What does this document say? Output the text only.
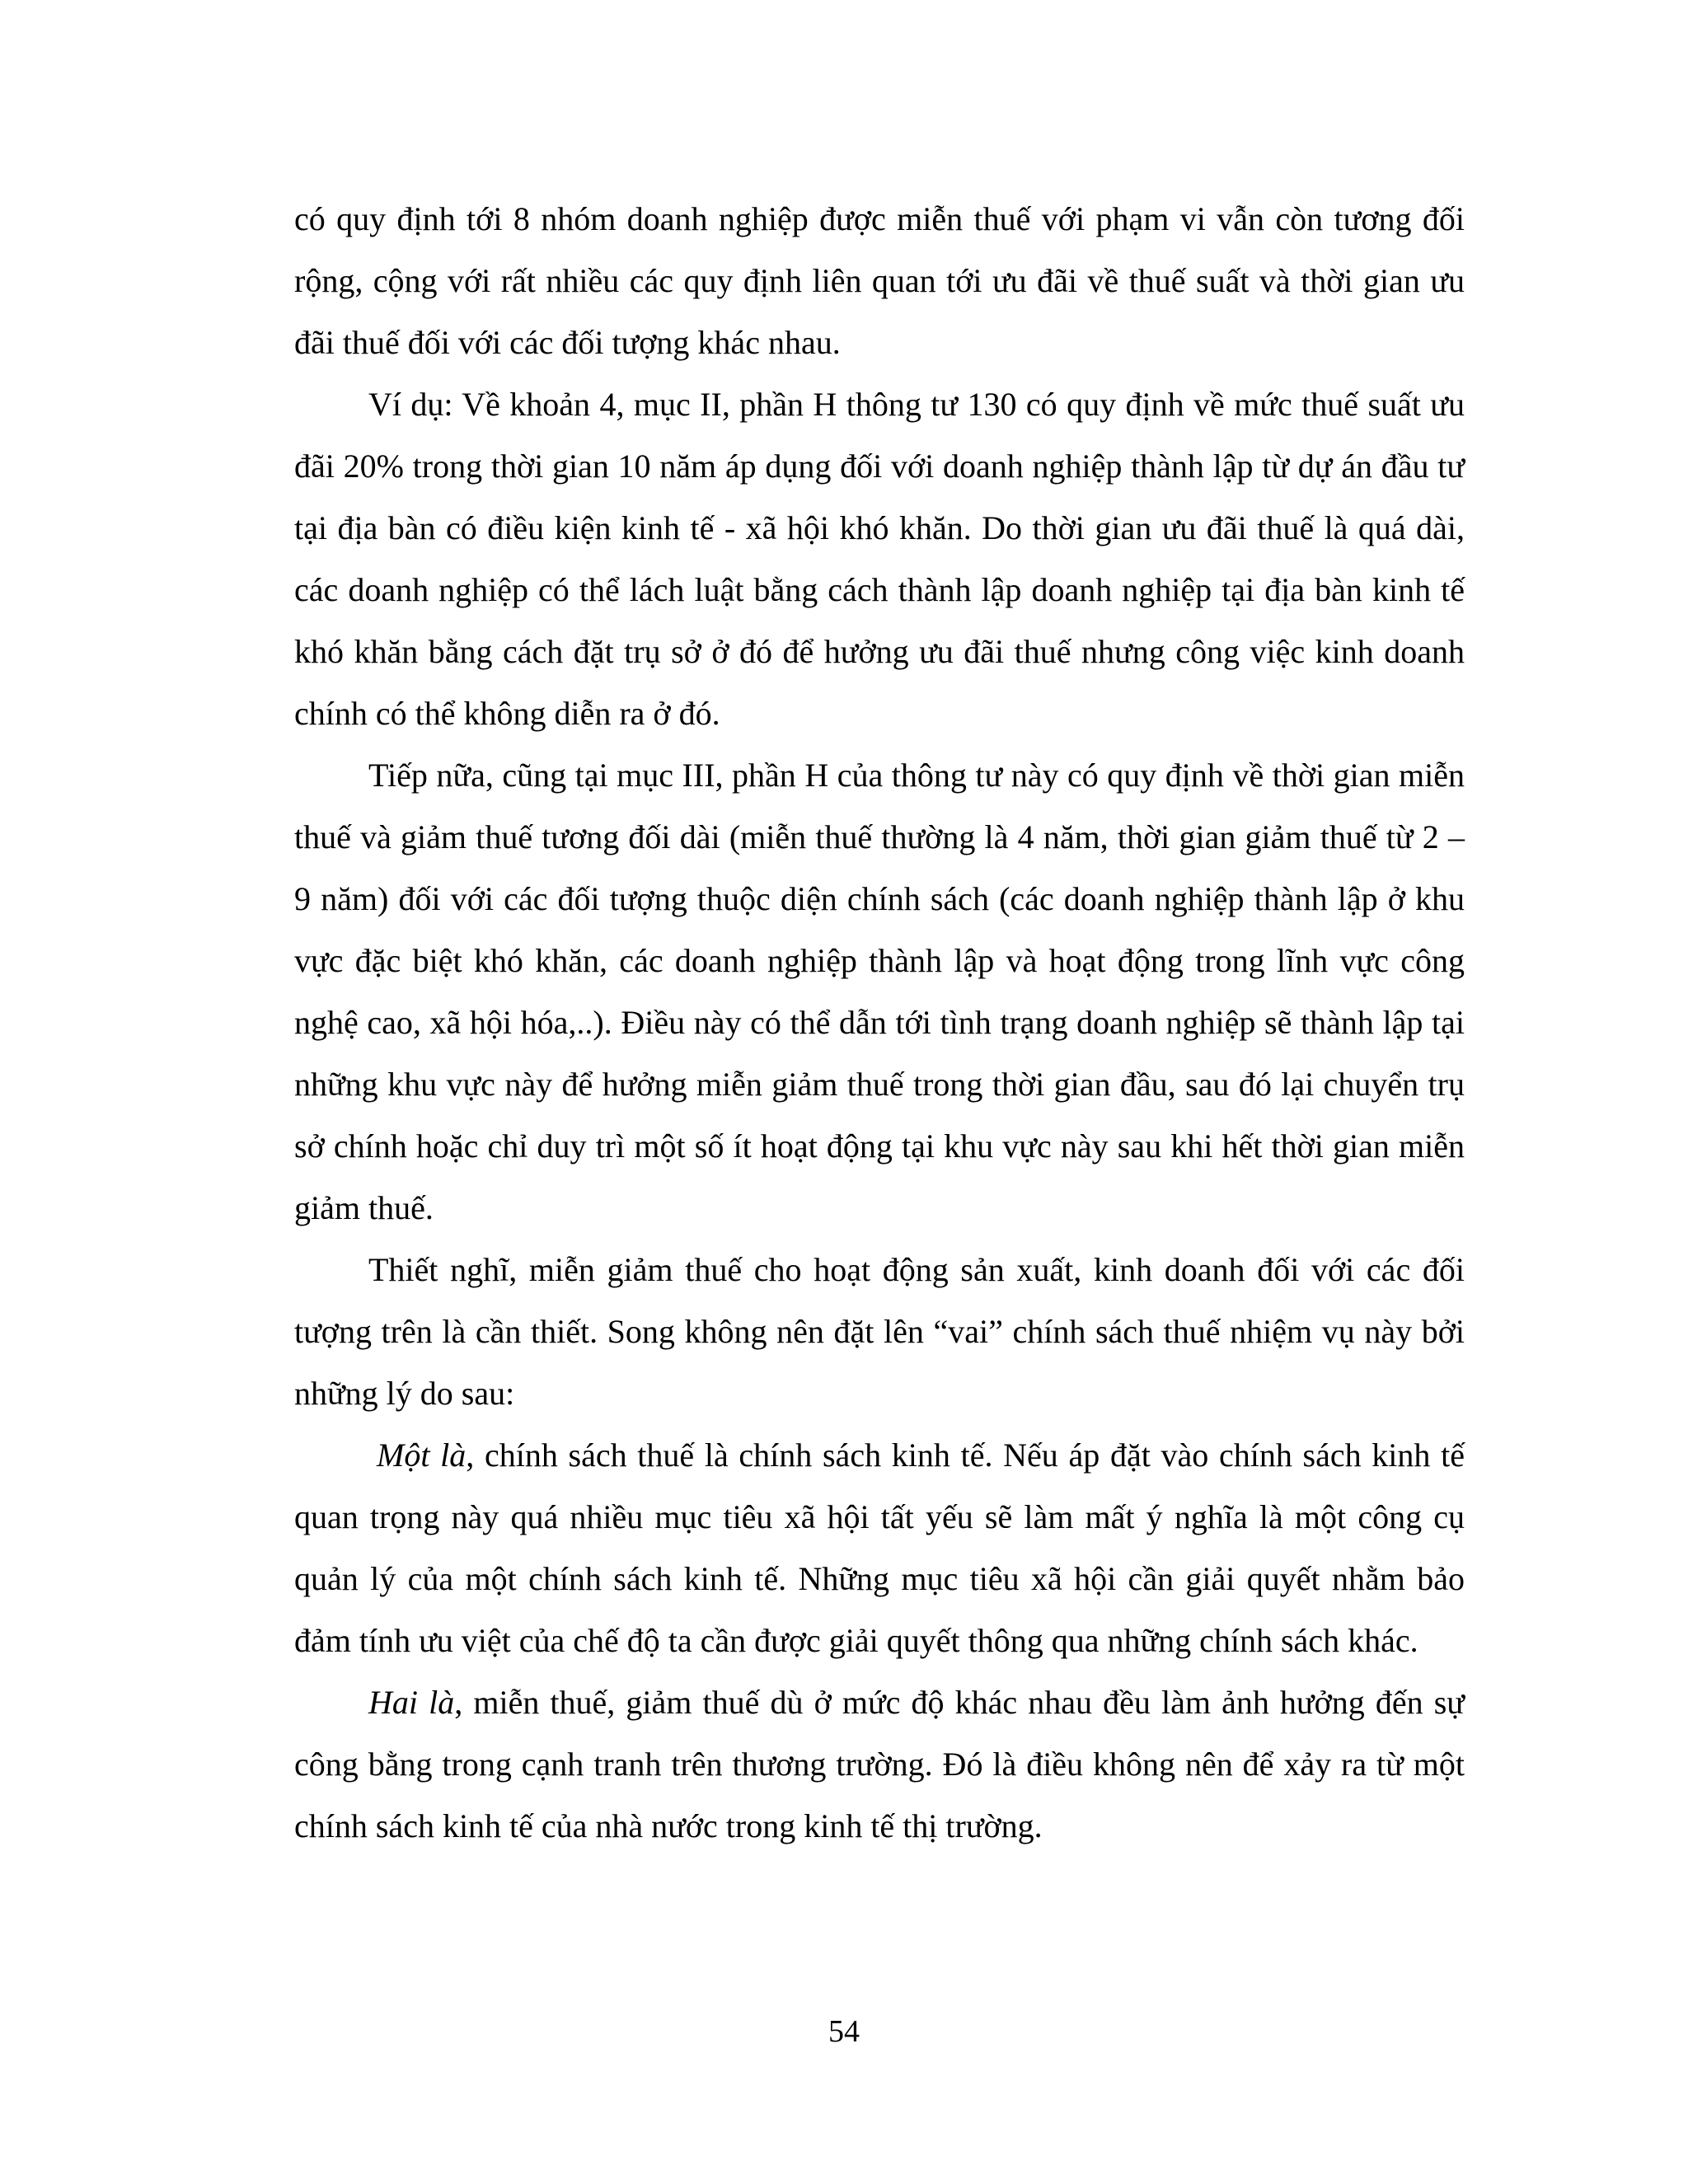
có quy định tới 8 nhóm doanh nghiệp được miễn thuế với phạm vi vẫn còn tương đối rộng, cộng với rất nhiều các quy định liên quan tới ưu đãi về thuế suất và thời gian ưu đãi thuế đối với các đối tượng khác nhau.

Ví dụ: Về khoản 4, mục II, phần H thông tư 130 có quy định về mức thuế suất ưu đãi 20% trong thời gian 10 năm áp dụng đối với doanh nghiệp thành lập từ dự án đầu tư tại địa bàn có điều kiện kinh tế - xã hội khó khăn. Do thời gian ưu đãi thuế là quá dài, các doanh nghiệp có thể lách luật bằng cách thành lập doanh nghiệp tại địa bàn kinh tế khó khăn bằng cách đặt trụ sở ở đó để hưởng ưu đãi thuế nhưng công việc kinh doanh chính có thể không diễn ra ở đó.

Tiếp nữa, cũng tại mục III, phần H của thông tư này có quy định về thời gian miễn thuế và giảm thuế tương đối dài (miễn thuế thường là 4 năm, thời gian giảm thuế từ 2 – 9 năm) đối với các đối tượng thuộc diện chính sách (các doanh nghiệp thành lập ở khu vực đặc biệt khó khăn, các doanh nghiệp thành lập và hoạt động trong lĩnh vực công nghệ cao, xã hội hóa,..). Điều này có thể dẫn tới tình trạng doanh nghiệp sẽ thành lập tại những khu vực này để hưởng miễn giảm thuế trong thời gian đầu, sau đó lại chuyển trụ sở chính hoặc chỉ duy trì một số ít hoạt động tại khu vực này sau khi hết thời gian miễn giảm thuế.

Thiết nghĩ, miễn giảm thuế cho hoạt động sản xuất, kinh doanh đối với các đối tượng trên là cần thiết. Song không nên đặt lên “vai” chính sách thuế nhiệm vụ này bởi những lý do sau:

Một là, chính sách thuế là chính sách kinh tế. Nếu áp đặt vào chính sách kinh tế quan trọng này quá nhiều mục tiêu xã hội tất yếu sẽ làm mất ý nghĩa là một công cụ quản lý của một chính sách kinh tế. Những mục tiêu xã hội cần giải quyết nhằm bảo đảm tính ưu việt của chế độ ta cần được giải quyết thông qua những chính sách khác.

Hai là, miễn thuế, giảm thuế dù ở mức độ khác nhau đều làm ảnh hưởng đến sự công bằng trong cạnh tranh trên thương trường. Đó là điều không nên để xảy ra từ một chính sách kinh tế của nhà nước trong kinh tế thị trường.

54
